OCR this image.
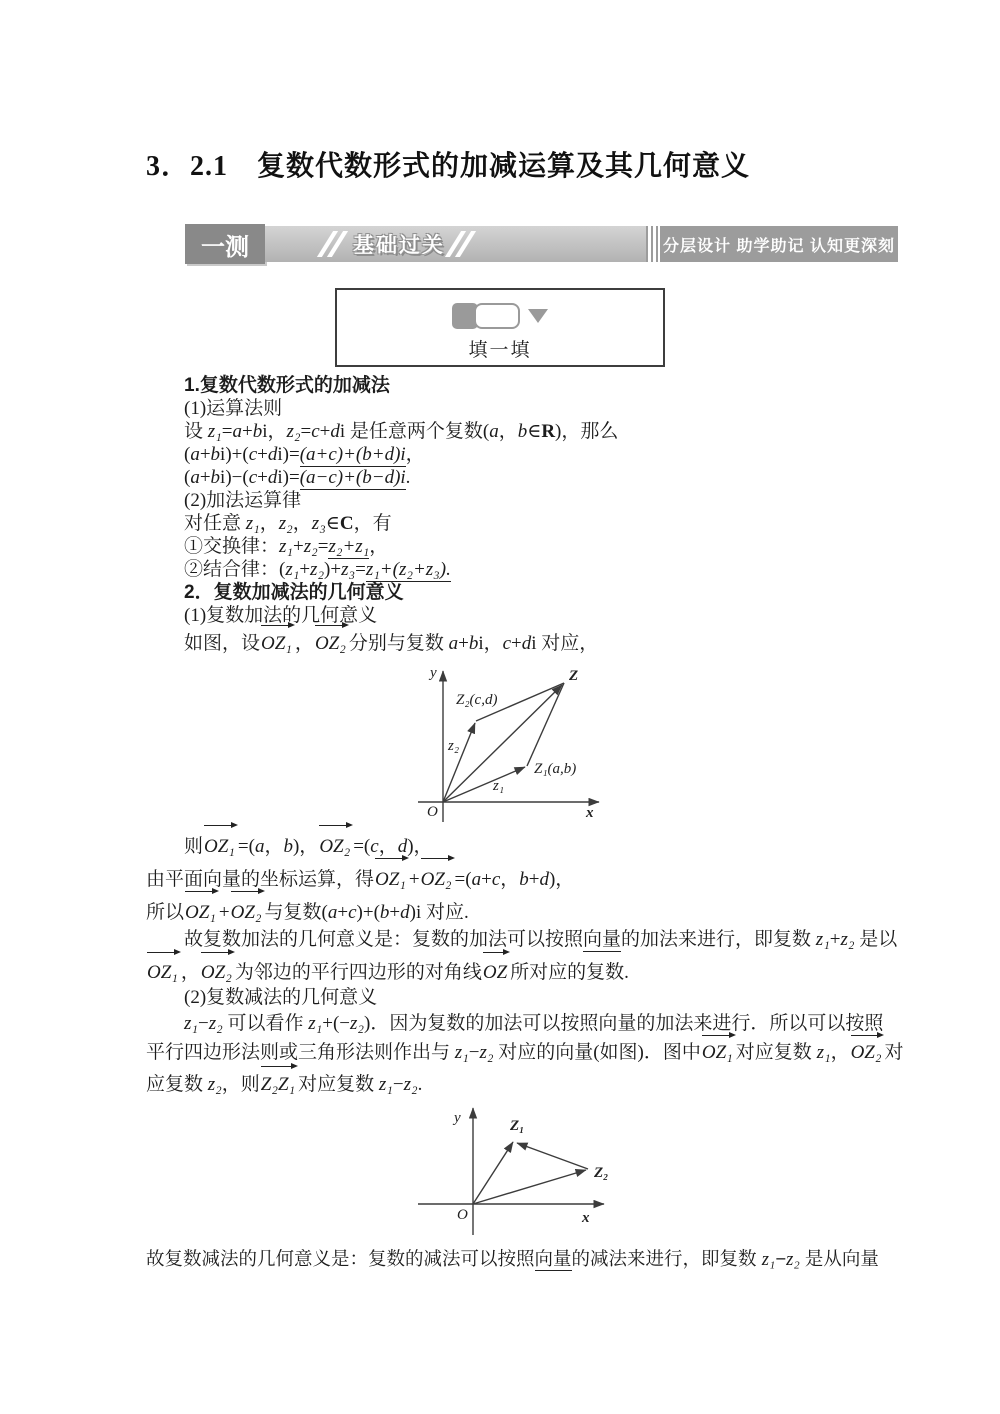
3．2.1　复数代数形式的加减运算及其几何意义
一测	基础过关	分层设计 助学助记 认知更深刻
填一填
1.复数代数形式的加减法
(1)运算法则
设 z₁=a+bi，z₂=c+di 是任意两个复数(a，b∈R)，那么
(a+bi)+(c+di)=(a+c)+(b+d)i，
(a+bi)−(c+di)=(a−c)+(b−d)i.
(2)加法运算律
对任意 z₁，z₂，z₃∈C，有
①交换律：z₁+z₂=z₂+z₁，
②结合律：(z₁+z₂)+z₃=z₁+(z₂+z₃).
2．复数加减法的几何意义
(1)复数加法的几何意义
如图，设OZ₁ ，OZ₂ 分别与复数 a+bi，c+di 对应，
y	Z
Z₂(c,d)
z₂
Z₁(a,b)
z₁
O	x
则OZ₁ =(a，b)，OZ₂ =(c，d)，
由平面向量的坐标运算，得OZ₁ +OZ₂ =(a+c，b+d)，
所以OZ₁ +OZ₂ 与复数(a+c)+(b+d)i 对应.
故复数加法的几何意义是：复数的加法可以按照向量的加法来进行，即复数 z₁+z₂ 是以
OZ₁ ，OZ₂ 为邻边的平行四边形的对角线OZ 所对应的复数.
(2)复数减法的几何意义
z₁−z₂ 可以看作 z₁+(−z₂)．因为复数的加法可以按照向量的加法来进行．所以可以按照
平行四边形法则或三角形法则作出与 z₁−z₂ 对应的向量(如图)．图中OZ₁ 对应复数 z₁，OZ₂ 对
应复数 z₂，则Z₂Z₁ 对应复数 z₁−z₂.
y	Z₁
Z₂
O	x
故复数减法的几何意义是：复数的减法可以按照向量的减法来进行，即复数 z₁−z₂ 是从向量
